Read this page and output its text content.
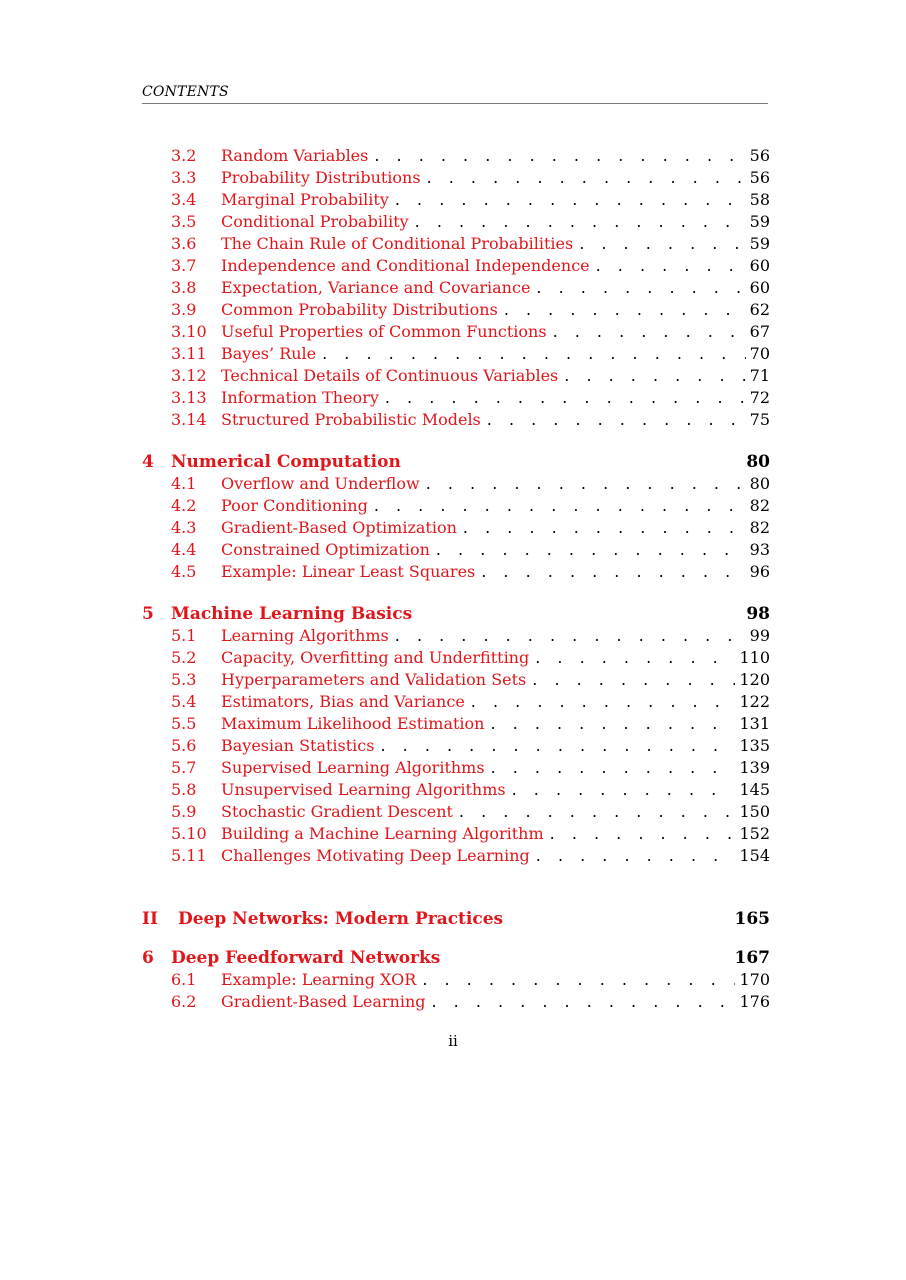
CONTENTS
3.2	Random Variables . . .	56
3.3	Probability Distributions . . .	56
3.4	Marginal Probability . . .	58
3.5	Conditional Probability . . .	59
3.6	The Chain Rule of Conditional Probabilities . . .	59
3.7	Independence and Conditional Independence . . .	60
3.8	Expectation, Variance and Covariance . . .	60
3.9	Common Probability Distributions . . .	62
3.10 Useful Properties of Common Functions . . .	67
3.11 Bayes’ Rule . . .	70
3.12 Technical Details of Continuous Variables . . .	71
3.13 Information Theory . . .	72
3.14 Structured Probabilistic Models . . .	75
4	Numerical Computation	80
4.1	Overflow and Underflow . . .	80
4.2	Poor Conditioning . . .	82
4.3	Gradient-Based Optimization . . .	82
4.4	Constrained Optimization . . .	93
4.5	Example: Linear Least Squares . . .	96
5	Machine Learning Basics	98
5.1	Learning Algorithms . . .	99
5.2	Capacity, Overfitting and Underfitting . . .	110
5.3	Hyperparameters and Validation Sets . . .	120
5.4	Estimators, Bias and Variance . . .	122
5.5	Maximum Likelihood Estimation . . .	131
5.6	Bayesian Statistics . . .	135
5.7	Supervised Learning Algorithms . . .	139
5.8	Unsupervised Learning Algorithms . . .	145
5.9	Stochastic Gradient Descent . . .	150
5.10 Building a Machine Learning Algorithm . . .	152
5.11 Challenges Motivating Deep Learning . . .	154
II	Deep Networks: Modern Practices	165
6	Deep Feedforward Networks	167
6.1	Example: Learning XOR . . .	170
6.2	Gradient-Based Learning . . .	176
ii
